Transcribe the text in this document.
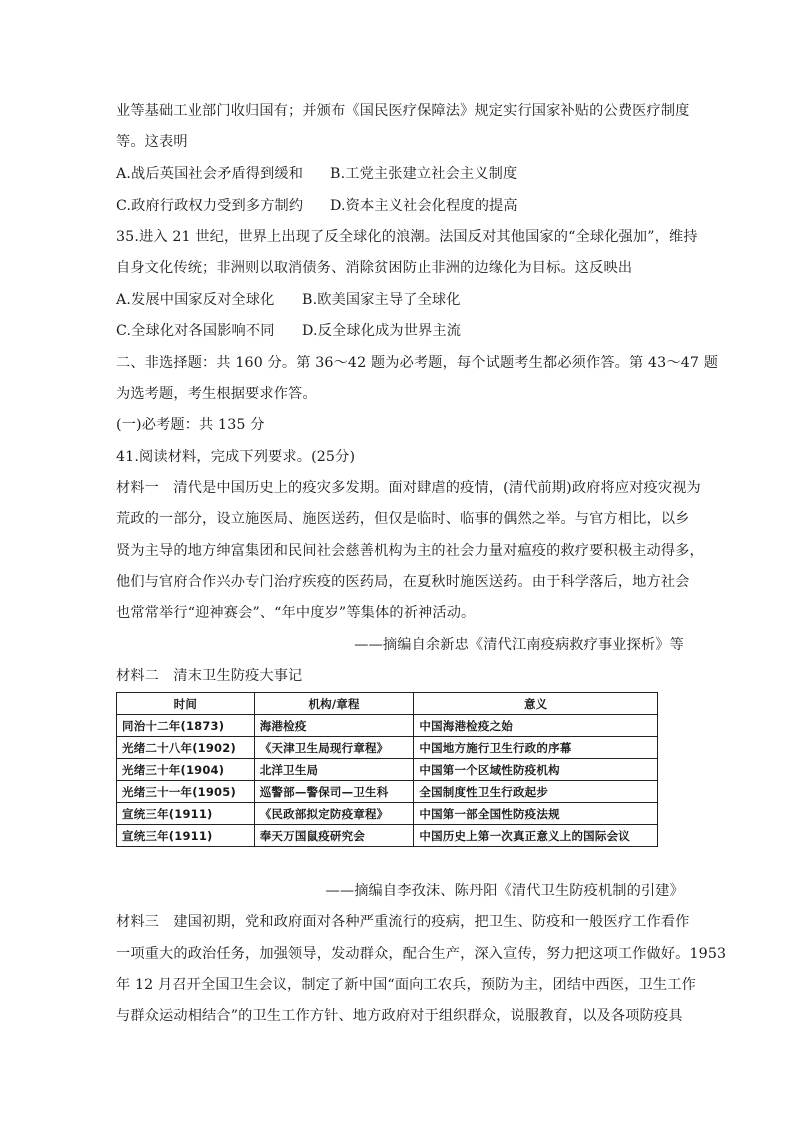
业等基础工业部门收归国有；并颁布《国民医疗保障法》规定实行国家补贴的公费医疗制度
等。这表明
A.战后英国社会矛盾得到缓和 B.工党主张建立社会主义制度
C.政府行政权力受到多方制约 D.资本主义社会化程度的提高
35.进入 21 世纪，世界上出现了反全球化的浪潮。法国反对其他国家的“全球化强加”，维持
自身文化传统；非洲则以取消债务、消除贫困防止非洲的边缘化为目标。这反映出
A.发展中国家反对全球化 B.欧美国家主导了全球化
C.全球化对各国影响不同 D.反全球化成为世界主流
二、非选择题：共 160 分。第 36～42 题为必考题，每个试题考生都必须作答。第 43～47 题
为选考题，考生根据要求作答。
(一)必考题：共 135 分
41.阅读材料，完成下列要求。(25分)
材料一　清代是中国历史上的疫灾多发期。面对肆虐的疫情，(清代前期)政府将应对疫灾视为
荒政的一部分，设立施医局、施医送药，但仅是临时、临事的偶然之举。与官方相比，以乡
贤为主导的地方绅富集团和民间社会慈善机构为主的社会力量对瘟疫的救疗要积极主动得多，
他们与官府合作兴办专门治疗疾疫的医药局，在夏秋时施医送药。由于科学落后，地方社会
也常常举行“迎神赛会”、“年中度岁”等集体的祈神活动。
——摘编自余新忠《清代江南疫病救疗事业探析》等
材料二　清末卫生防疫大事记
时间	机构/章程	意义
同治十二年(1873)	海港检疫	中国海港检疫之始
光绪二十八年(1902)	《天津卫生局现行章程》	中国地方施行卫生行政的序幕
光绪三十年(1904)	北洋卫生局	中国第一个区域性防疫机构
光绪三十一年(1905)	巡警部—警保司—卫生科	全国制度性卫生行政起步
宣统三年(1911)	《民政部拟定防疫章程》	中国第一部全国性防疫法规
宣统三年(1911)	奉天万国鼠疫研究会	中国历史上第一次真正意义上的国际会议
——摘编自李孜沫、陈丹阳《清代卫生防疫机制的引建》
材料三　建国初期，党和政府面对各种严重流行的疫病，把卫生、防疫和一般医疗工作看作
一项重大的政治任务，加强领导，发动群众，配合生产，深入宣传，努力把这项工作做好。1953
年 12 月召开全国卫生会议，制定了新中国“面向工农兵，预防为主，团结中西医，卫生工作
与群众运动相结合”的卫生工作方针、地方政府对于组织群众，说服教育，以及各项防疫具
